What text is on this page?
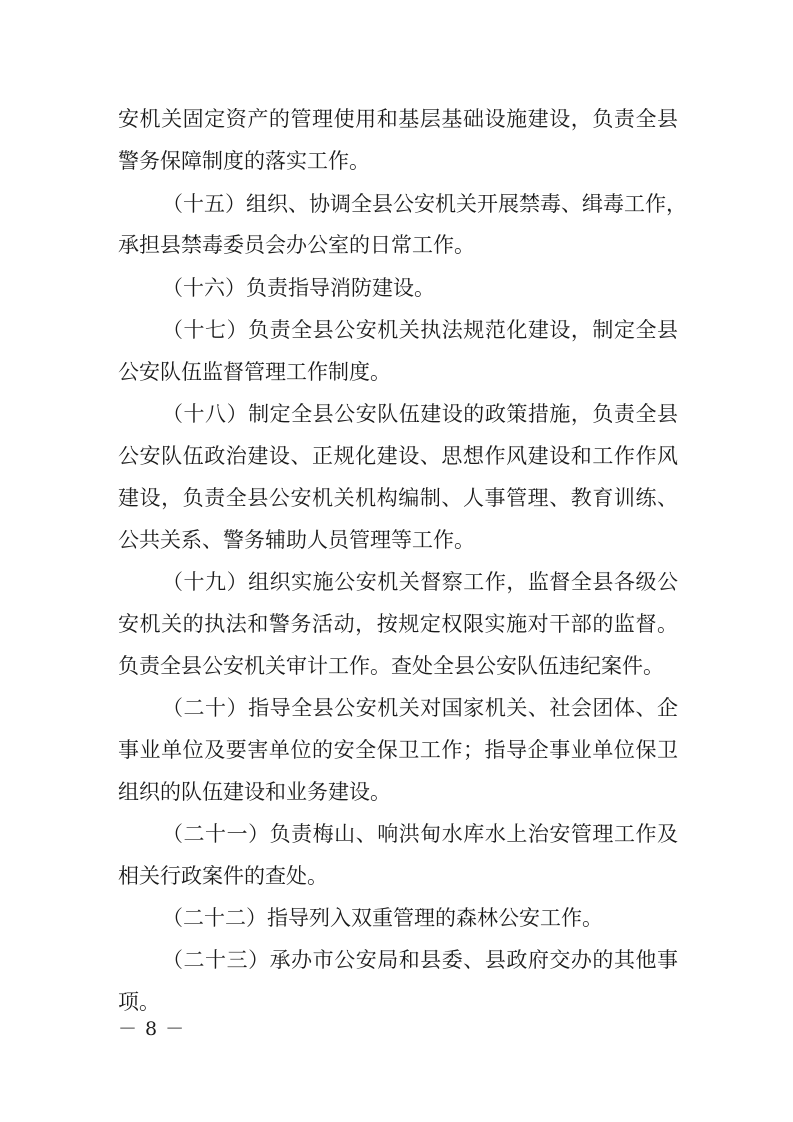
安机关固定资产的管理使用和基层基础设施建设，负责全县
警务保障制度的落实工作。
（十五）组织、协调全县公安机关开展禁毒、缉毒工作，
承担县禁毒委员会办公室的日常工作。
（十六）负责指导消防建设。
（十七）负责全县公安机关执法规范化建设，制定全县
公安队伍监督管理工作制度。
（十八）制定全县公安队伍建设的政策措施，负责全县
公安队伍政治建设、正规化建设、思想作风建设和工作作风
建设，负责全县公安机关机构编制、人事管理、教育训练、
公共关系、警务辅助人员管理等工作。
（十九）组织实施公安机关督察工作，监督全县各级公
安机关的执法和警务活动，按规定权限实施对干部的监督。
负责全县公安机关审计工作。查处全县公安队伍违纪案件。
（二十）指导全县公安机关对国家机关、社会团体、企
事业单位及要害单位的安全保卫工作；指导企事业单位保卫
组织的队伍建设和业务建设。
（二十一）负责梅山、响洪甸水库水上治安管理工作及
相关行政案件的查处。
（二十二）指导列入双重管理的森林公安工作。
（二十三）承办市公安局和县委、县政府交办的其他事
项。
－ 8 －
